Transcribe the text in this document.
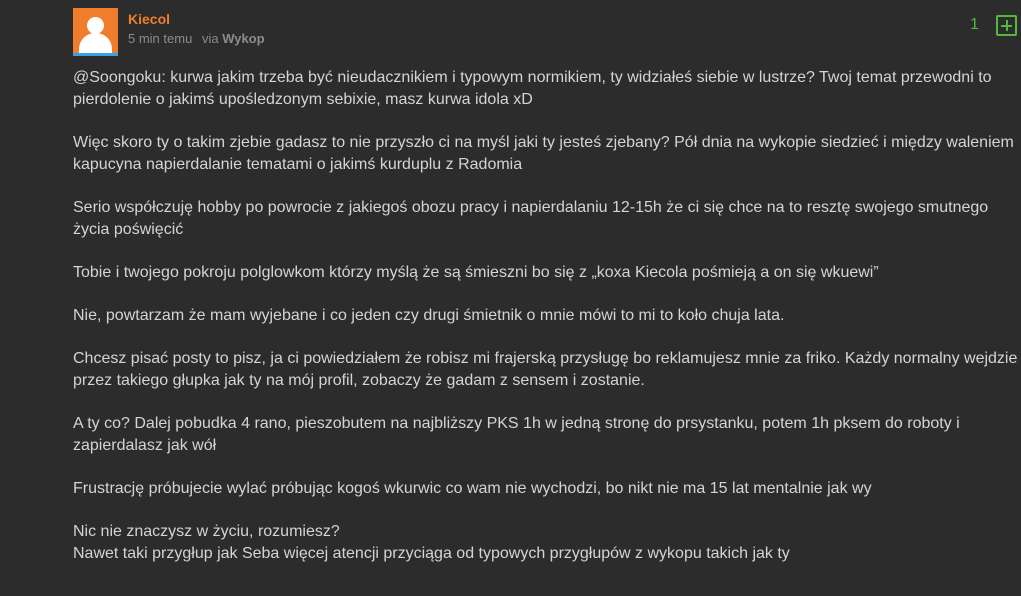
Kiecol
5 min temu via Wykop
1

@Soongoku: kurwa jakim trzeba być nieudacznikiem i typowym normikiem, ty widziałeś siebie w lustrze? Twoj temat przewodni to pierdolenie o jakimś upośledzonym sebixie, masz kurwa idola xD

Więc skoro ty o takim zjebie gadasz to nie przyszło ci na myśl jaki ty jesteś zjebany? Pół dnia na wykopie siedzieć i między waleniem kapucyna napierdalanie tematami o jakimś kurduplu z Radomia

Serio współczuję hobby po powrocie z jakiegoś obozu pracy i napierdalaniu 12-15h że ci się chce na to resztę swojego smutnego życia poświęcić

Tobie i twojego pokroju polglowkom którzy myślą że są śmieszni bo się z „koxa Kiecola pośmieją a on się wkuewi”

Nie, powtarzam że mam wyjebane i co jeden czy drugi śmietnik o mnie mówi to mi to koło chuja lata.

Chcesz pisać posty to pisz, ja ci powiedziałem że robisz mi frajerską przysługę bo reklamujesz mnie za friko. Każdy normalny wejdzie przez takiego głupka jak ty na mój profil, zobaczy że gadam z sensem i zostanie.

A ty co? Dalej pobudka 4 rano, pieszobutem na najbliższy PKS 1h w jedną stronę do prsystanku, potem 1h pksem do roboty i zapierdalasz jak wół

Frustrację próbujecie wylać próbując kogoś wkurwic co wam nie wychodzi, bo nikt nie ma 15 lat mentalnie jak wy

Nic nie znaczysz w życiu, rozumiesz?
Nawet taki przygłup jak Seba więcej atencji przyciąga od typowych przygłupów z wykopu takich jak ty
